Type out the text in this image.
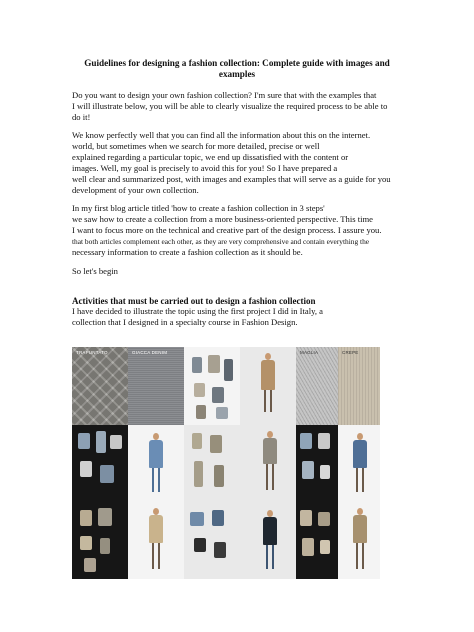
Guidelines for designing a fashion collection: Complete guide with images and examples

Do you want to design your own fashion collection? I'm sure that with the examples that

I will illustrate below, you will be able to clearly visualize the required process to be able to

do it!

We know perfectly well that you can find all the information about this on the internet.

world, but sometimes when we search for more detailed, precise or well

explained regarding a particular topic, we end up dissatisfied with the content or

images. Well, my goal is precisely to avoid this for you! So I have prepared a

well clear and summarized post, with images and examples that will serve as a guide for you

development of your own collection.

In my first blog article titled 'how to create a fashion collection in 3 steps'

we saw how to create a collection from a more business-oriented perspective. This time

I want to focus more on the technical and creative part of the design process. I assure you.

that both articles complement each other, as they are very comprehensive and contain everything the

necessary information to create a fashion collection as it should be.

So let's begin

Activities that must be carried out to design a fashion collection

I have decided to illustrate the topic using the first project I did in Italy, a

collection that I designed in a specialty course in Fashion Design.

TRAPUNTATO	GIACCA DENIM	MAGLIA	CREPE
